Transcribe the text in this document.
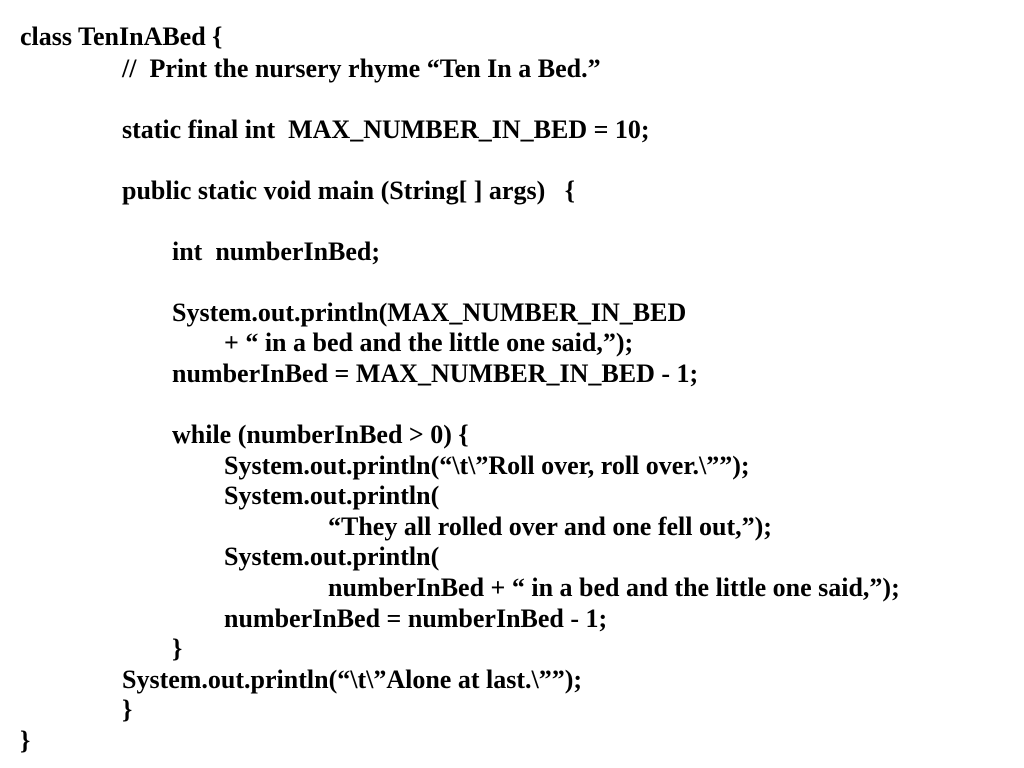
class TenInABed {

//  Print the nursery rhyme “Ten In a Bed.”

static final int  MAX_NUMBER_IN_BED = 10;

public static void main (String[ ] args)   {

int  numberInBed;

System.out.println(MAX_NUMBER_IN_BED

+ “ in a bed and the little one said,”);

numberInBed = MAX_NUMBER_IN_BED - 1;

while (numberInBed > 0) {

System.out.println(“\t\”Roll over, roll over.\””);

System.out.println(

“They all rolled over and one fell out,”);

System.out.println(

numberInBed + “ in a bed and the little one said,”);

numberInBed = numberInBed - 1;

}

System.out.println(“\t\”Alone at last.\””);

}

}
